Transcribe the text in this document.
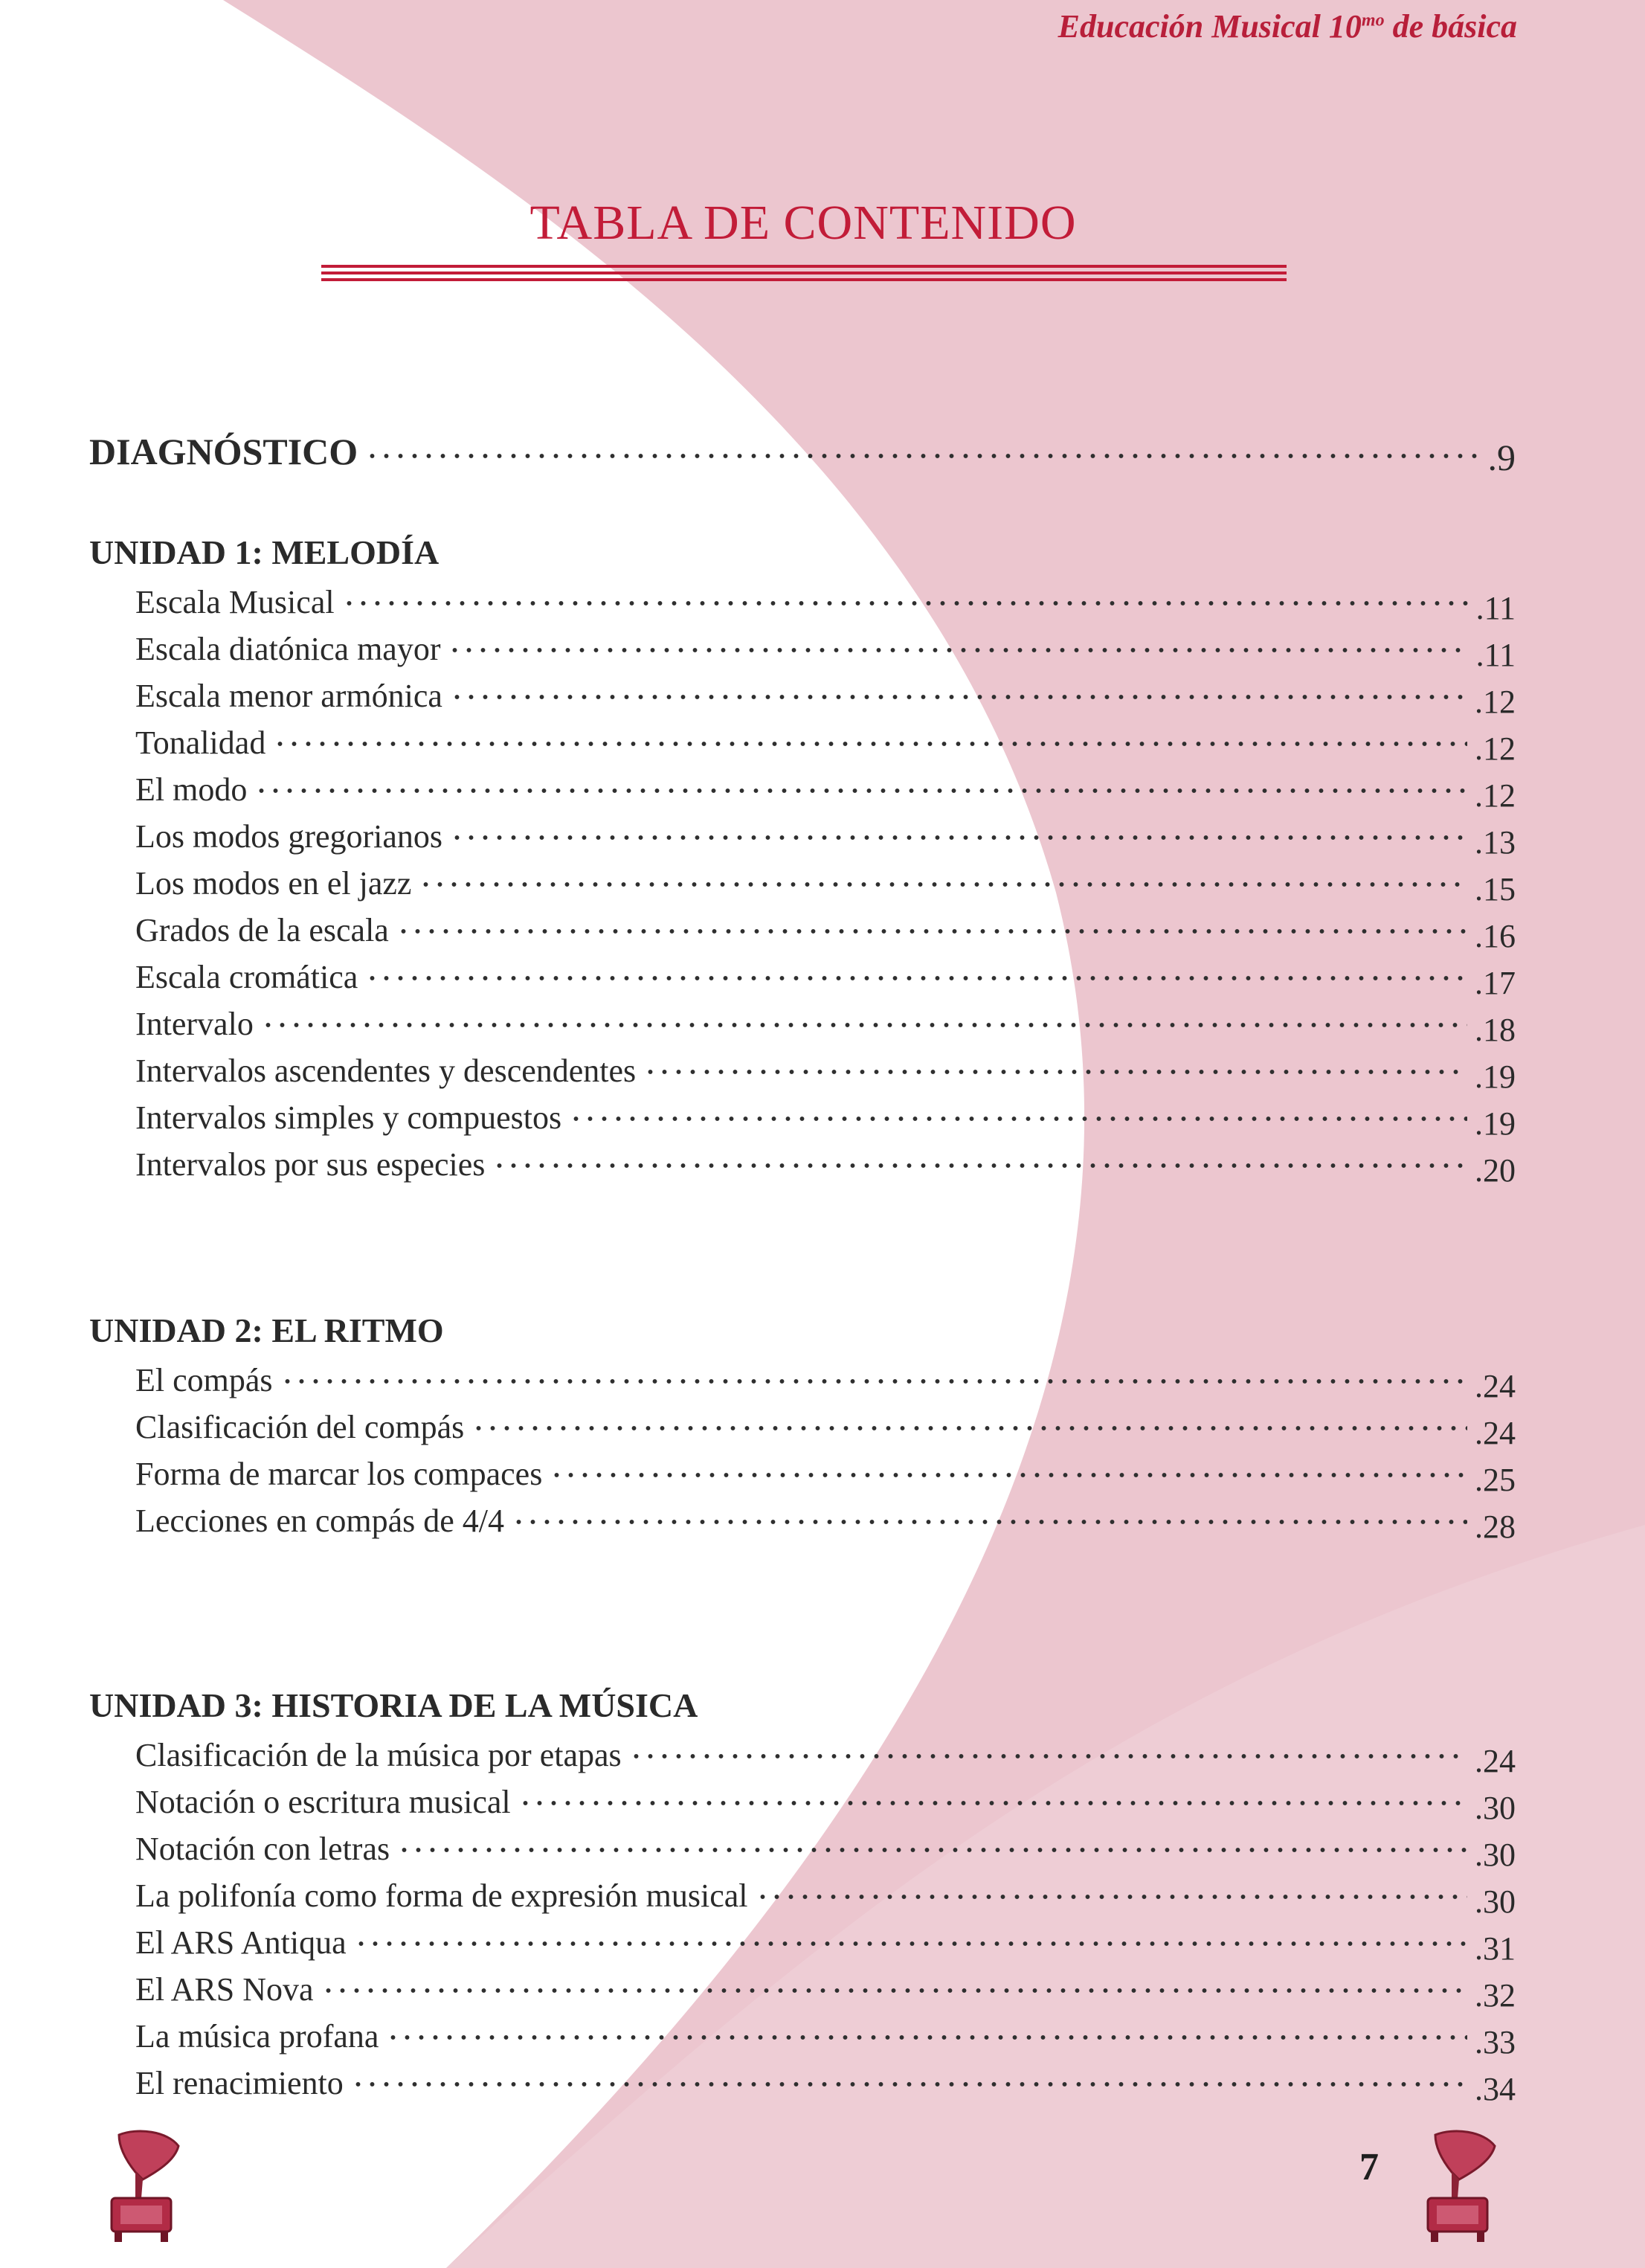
Educación Musical $10^{mo}$ de básica
TABLA DE CONTENIDO
DIAGNÓSTICO	.9
UNIDAD 1: MELODÍA
Escala Musical	.11
Escala diatónica mayor	.11
Escala menor armónica	.12
Tonalidad	.12
El modo	.12
Los modos gregorianos	.13
Los modos en el jazz	.15
Grados de la escala	.16
Escala cromática	.17
Intervalo	.18
Intervalos ascendentes y descendentes	.19
Intervalos simples y compuestos	.19
Intervalos por sus especies	.20
UNIDAD 2: EL RITMO
El compás	.24
Clasificación del compás	.24
Forma de marcar los compaces	.25
Lecciones en compás de 4/4	.28
UNIDAD 3: HISTORIA DE LA MÚSICA
Clasificación de la música por etapas	.24
Notación o escritura musical	.30
Notación con letras	.30
La polifonía como forma de expresión musical	.30
El ARS Antiqua	.31
El ARS Nova	.32
La música profana	.33
El renacimiento	.34
7
